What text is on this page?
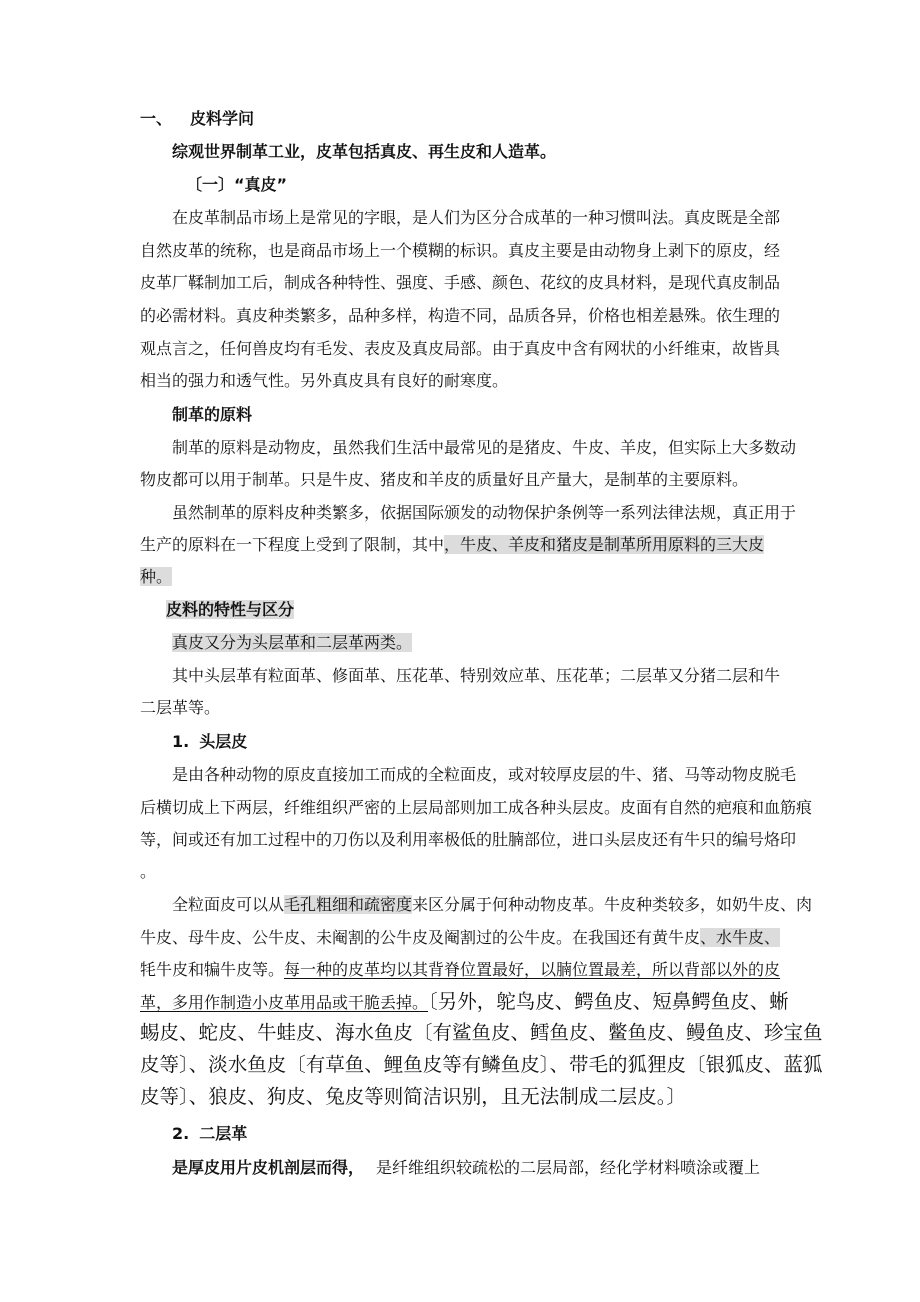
一、 皮料学问
综观世界制革工业，皮革包括真皮、再生皮和人造革。
〔一〕“真皮”
在皮革制品市场上是常见的字眼，是人们为区分合成革的一种习惯叫法。真皮既是全部
自然皮革的统称，也是商品市场上一个模糊的标识。真皮主要是由动物身上剥下的原皮，经
皮革厂鞣制加工后，制成各种特性、强度、手感、颜色、花纹的皮具材料，是现代真皮制品
的必需材料。真皮种类繁多，品种多样，构造不同，品质各异，价格也相差悬殊。依生理的
观点言之，任何兽皮均有毛发、表皮及真皮局部。由于真皮中含有网状的小纤维束，故皆具
相当的强力和透气性。另外真皮具有良好的耐寒度。
制革的原料
制革的原料是动物皮，虽然我们生活中最常见的是猪皮、牛皮、羊皮，但实际上大多数动
物皮都可以用于制革。只是牛皮、猪皮和羊皮的质量好且产量大，是制革的主要原料。
虽然制革的原料皮种类繁多，依据国际颁发的动物保护条例等一系列法律法规，真正用于
生产的原料在一下程度上受到了限制，其中，牛皮、羊皮和猪皮是制革所用原料的三大皮
种。
皮料的特性与区分
真皮又分为头层革和二层革两类。
其中头层革有粒面革、修面革、压花革、特别效应革、压花革；二层革又分猪二层和牛
二层革等。
1. 头层皮
是由各种动物的原皮直接加工而成的全粒面皮，或对较厚皮层的牛、猪、马等动物皮脱毛
后横切成上下两层，纤维组织严密的上层局部则加工成各种头层皮。皮面有自然的疤痕和血筋痕
等，间或还有加工过程中的刀伤以及利用率极低的肚腩部位，进口头层皮还有牛只的编号烙印
。
全粒面皮可以从毛孔粗细和疏密度来区分属于何种动物皮革。牛皮种类较多，如奶牛皮、肉
牛皮、母牛皮、公牛皮、未阉割的公牛皮及阉割过的公牛皮。在我国还有黄牛皮、水牛皮、
牦牛皮和犏牛皮等。每一种的皮革均以其背脊位置最好，以腩位置最差，所以背部以外的皮
革，多用作制造小皮革用品或干脆丢掉。〔另外，鸵鸟皮、鳄鱼皮、短鼻鳄鱼皮、蜥
蜴皮、蛇皮、牛蛙皮、海水鱼皮〔有鲨鱼皮、鳕鱼皮、鳖鱼皮、鳗鱼皮、珍宝鱼
皮等〕、淡水鱼皮〔有草鱼、鲤鱼皮等有鳞鱼皮〕、带毛的狐狸皮〔银狐皮、蓝狐
皮等〕、狼皮、狗皮、兔皮等则简洁识别，且无法制成二层皮。〕
2. 二层革
是厚皮用片皮机剖层而得， 是纤维组织较疏松的二层局部，经化学材料喷涂或覆上
